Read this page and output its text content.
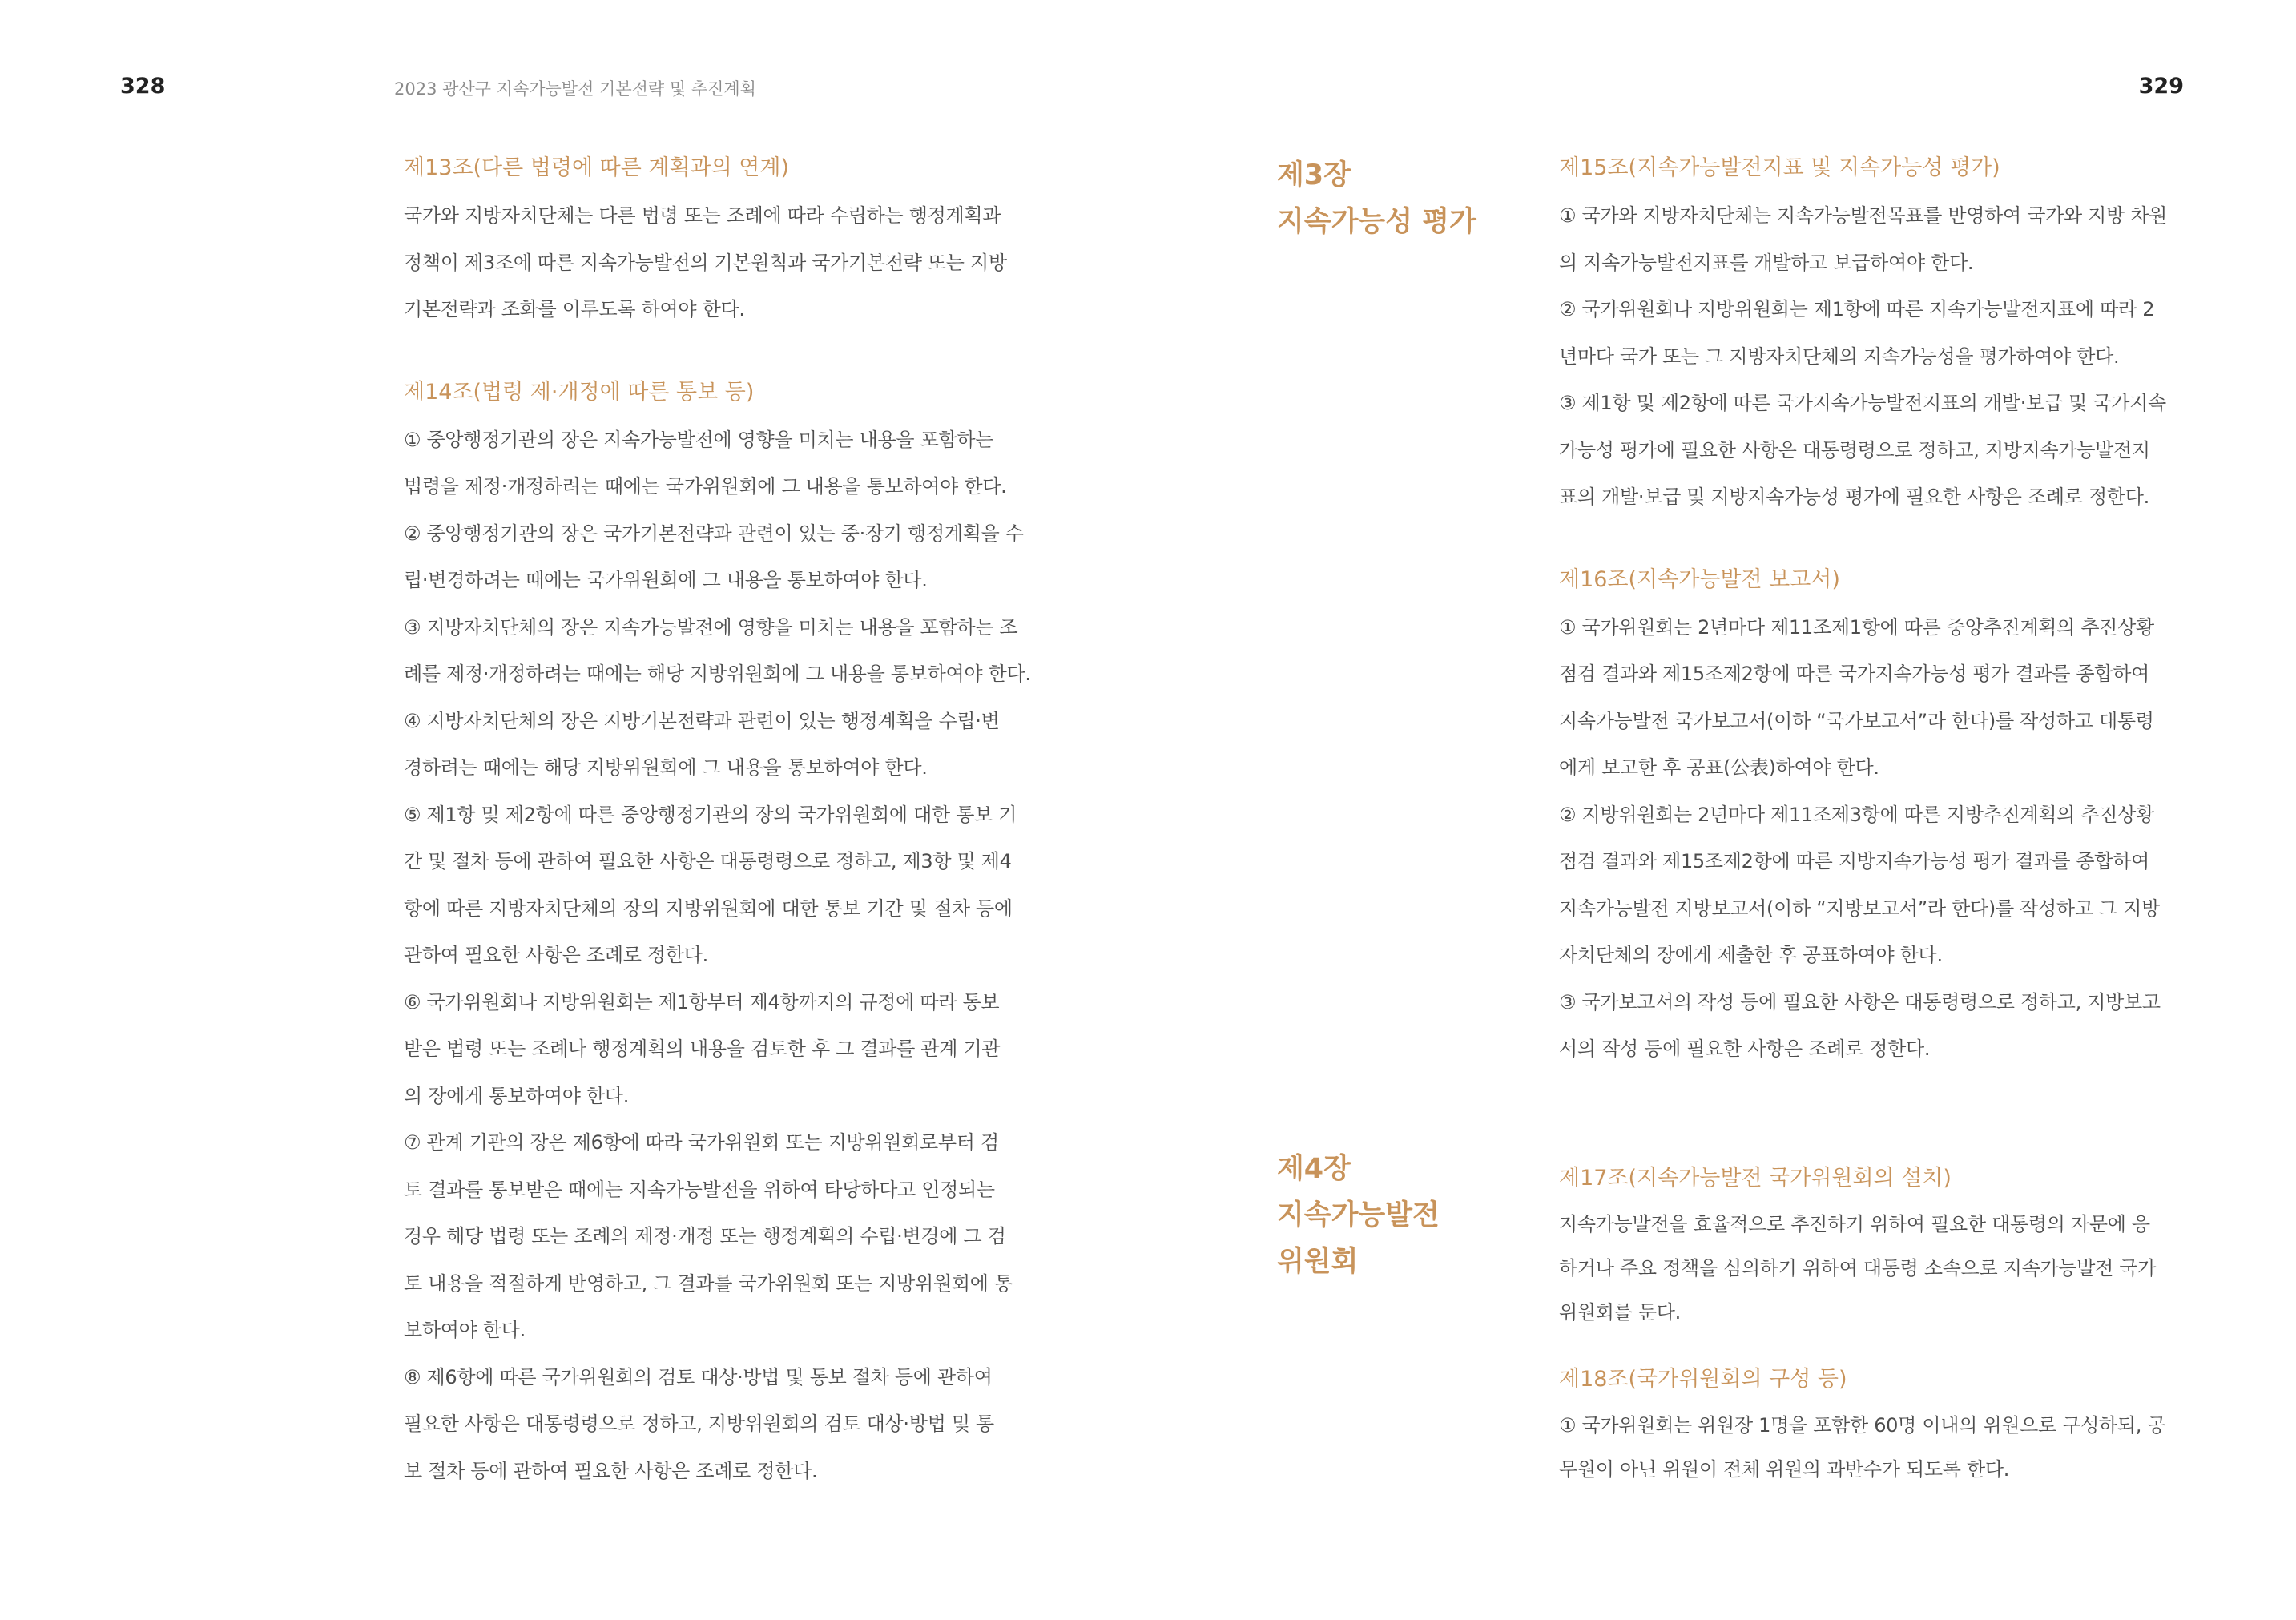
328	2023 광산구 지속가능발전 기본전략 및 추진계획	329
제13조(다른 법령에 따른 계획과의 연계)

국가와 지방자치단체는 다른 법령 또는 조례에 따라 수립하는 행정계획과

정책이 제3조에 따른 지속가능발전의 기본원칙과 국가기본전략 또는 지방

기본전략과 조화를 이루도록 하여야 한다.

제14조(법령 제·개정에 따른 통보 등)

① 중앙행정기관의 장은 지속가능발전에 영향을 미치는 내용을 포함하는

법령을 제정·개정하려는 때에는 국가위원회에 그 내용을 통보하여야 한다.

② 중앙행정기관의 장은 국가기본전략과 관련이 있는 중·장기 행정계획을 수

립·변경하려는 때에는 국가위원회에 그 내용을 통보하여야 한다.

③ 지방자치단체의 장은 지속가능발전에 영향을 미치는 내용을 포함하는 조

례를 제정·개정하려는 때에는 해당 지방위원회에 그 내용을 통보하여야 한다.

④ 지방자치단체의 장은 지방기본전략과 관련이 있는 행정계획을 수립·변

경하려는 때에는 해당 지방위원회에 그 내용을 통보하여야 한다.

⑤ 제1항 및 제2항에 따른 중앙행정기관의 장의 국가위원회에 대한 통보 기

간 및 절차 등에 관하여 필요한 사항은 대통령령으로 정하고, 제3항 및 제4

항에 따른 지방자치단체의 장의 지방위원회에 대한 통보 기간 및 절차 등에

관하여 필요한 사항은 조례로 정한다.

⑥ 국가위원회나 지방위원회는 제1항부터 제4항까지의 규정에 따라 통보

받은 법령 또는 조례나 행정계획의 내용을 검토한 후 그 결과를 관계 기관

의 장에게 통보하여야 한다.

⑦ 관계 기관의 장은 제6항에 따라 국가위원회 또는 지방위원회로부터 검

토 결과를 통보받은 때에는 지속가능발전을 위하여 타당하다고 인정되는

경우 해당 법령 또는 조례의 제정·개정 또는 행정계획의 수립·변경에 그 검

토 내용을 적절하게 반영하고, 그 결과를 국가위원회 또는 지방위원회에 통

보하여야 한다.

⑧ 제6항에 따른 국가위원회의 검토 대상·방법 및 통보 절차 등에 관하여

필요한 사항은 대통령령으로 정하고, 지방위원회의 검토 대상·방법 및 통

보 절차 등에 관하여 필요한 사항은 조례로 정한다.

제3장
지속가능성 평가
제4장
지속가능발전
위원회
제15조(지속가능발전지표 및 지속가능성 평가)

① 국가와 지방자치단체는 지속가능발전목표를 반영하여 국가와 지방 차원

의 지속가능발전지표를 개발하고 보급하여야 한다.

② 국가위원회나 지방위원회는 제1항에 따른 지속가능발전지표에 따라 2

년마다 국가 또는 그 지방자치단체의 지속가능성을 평가하여야 한다.

③ 제1항 및 제2항에 따른 국가지속가능발전지표의 개발·보급 및 국가지속

가능성 평가에 필요한 사항은 대통령령으로 정하고, 지방지속가능발전지

표의 개발·보급 및 지방지속가능성 평가에 필요한 사항은 조례로 정한다.

제16조(지속가능발전 보고서)

① 국가위원회는 2년마다 제11조제1항에 따른 중앙추진계획의 추진상황

점검 결과와 제15조제2항에 따른 국가지속가능성 평가 결과를 종합하여

지속가능발전 국가보고서(이하 “국가보고서”라 한다)를 작성하고 대통령

에게 보고한 후 공표(公表)하여야 한다.

② 지방위원회는 2년마다 제11조제3항에 따른 지방추진계획의 추진상황

점검 결과와 제15조제2항에 따른 지방지속가능성 평가 결과를 종합하여

지속가능발전 지방보고서(이하 “지방보고서”라 한다)를 작성하고 그 지방

자치단체의 장에게 제출한 후 공표하여야 한다.

③ 국가보고서의 작성 등에 필요한 사항은 대통령령으로 정하고, 지방보고

서의 작성 등에 필요한 사항은 조례로 정한다.

제17조(지속가능발전 국가위원회의 설치)

지속가능발전을 효율적으로 추진하기 위하여 필요한 대통령의 자문에 응

하거나 주요 정책을 심의하기 위하여 대통령 소속으로 지속가능발전 국가

위원회를 둔다.

제18조(국가위원회의 구성 등)

① 국가위원회는 위원장 1명을 포함한 60명 이내의 위원으로 구성하되, 공

무원이 아닌 위원이 전체 위원의 과반수가 되도록 한다.
